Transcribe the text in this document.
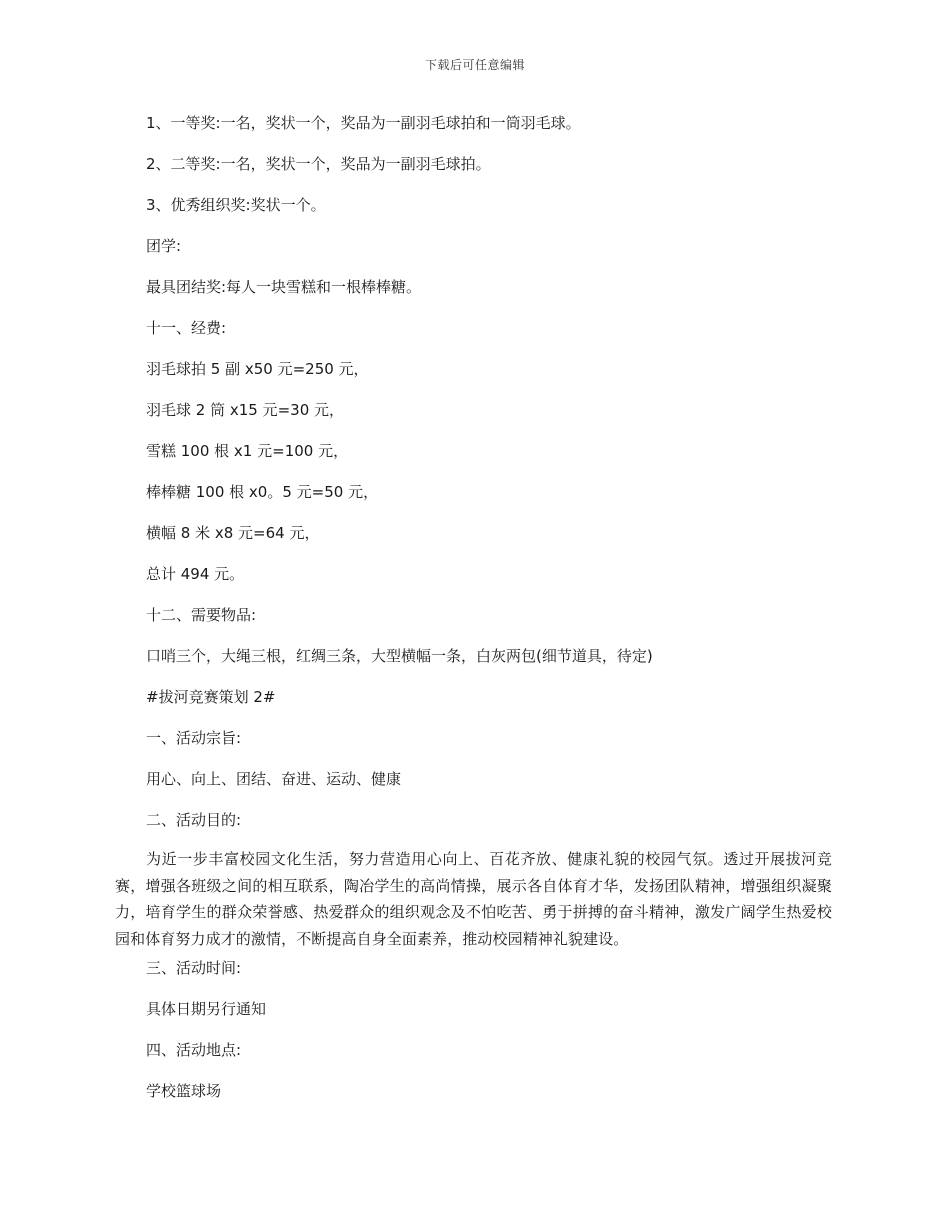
下载后可任意编辑
1、一等奖:一名，奖状一个，奖品为一副羽毛球拍和一筒羽毛球。
2、二等奖:一名，奖状一个，奖品为一副羽毛球拍。
3、优秀组织奖:奖状一个。
团学:
最具团结奖:每人一块雪糕和一根棒棒糖。
十一、经费:
羽毛球拍 5 副 x50 元=250 元，
羽毛球 2 筒 x15 元=30 元，
雪糕 100 根 x1 元=100 元，
棒棒糖 100 根 x0。5 元=50 元，
横幅 8 米 x8 元=64 元，
总计 494 元。
十二、需要物品:
口哨三个，大绳三根，红绸三条，大型横幅一条，白灰两包(细节道具，待定)
#拔河竞赛策划 2#
一、活动宗旨:
用心、向上、团结、奋进、运动、健康
二、活动目的:
为近一步丰富校园文化生活，努力营造用心向上、百花齐放、健康礼貌的校园气氛。透过开展拔河竞赛，增强各班级之间的相互联系，陶冶学生的高尚情操，展示各自体育才华，发扬团队精神，增强组织凝聚力，培育学生的群众荣誉感、热爱群众的组织观念及不怕吃苦、勇于拼搏的奋斗精神，激发广阔学生热爱校园和体育努力成才的激情，不断提高自身全面素养，推动校园精神礼貌建设。
三、活动时间:
具体日期另行通知
四、活动地点:
学校篮球场
